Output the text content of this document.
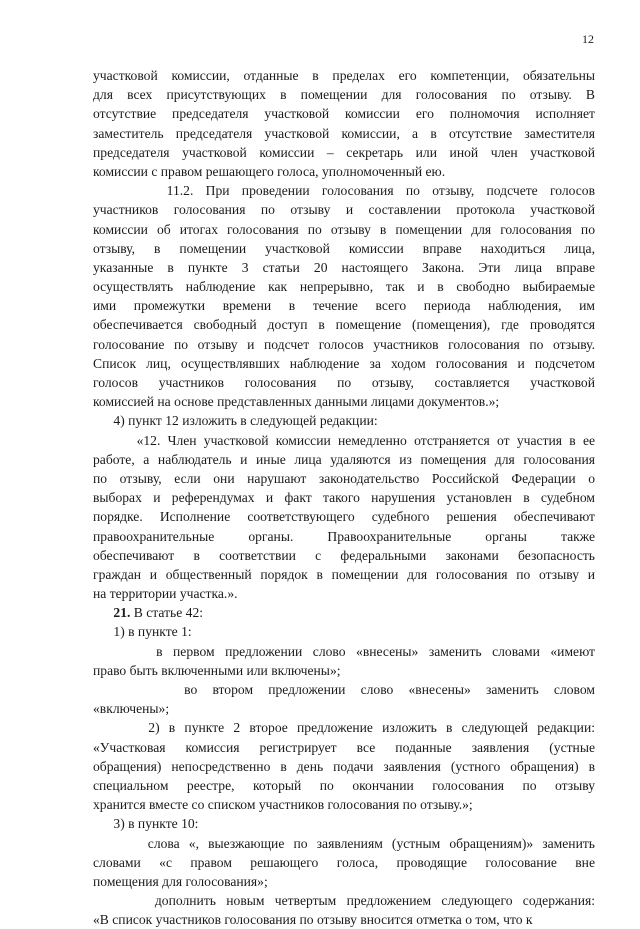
12
участковой комиссии, отданные в пределах его компетенции, обязательны
для всех присутствующих в помещении для голосования по отзыву. В
отсутствие председателя участковой комиссии его полномочия исполняет
заместитель председателя участковой комиссии, а в отсутствие заместителя
председателя участковой комиссии – секретарь или иной член участковой
комиссии с правом решающего голоса, уполномоченный ею.
11.2. При проведении голосования по отзыву, подсчете голосов
участников голосования по отзыву и составлении протокола участковой
комиссии об итогах голосования по отзыву в помещении для голосования по
отзыву, в помещении участковой комиссии вправе находиться лица,
указанные в пункте 3 статьи 20 настоящего Закона. Эти лица вправе
осуществлять наблюдение как непрерывно, так и в свободно выбираемые
ими промежутки времени в течение всего периода наблюдения, им
обеспечивается свободный доступ в помещение (помещения), где проводятся
голосование по отзыву и подсчет голосов участников голосования по отзыву.
Список лиц, осуществлявших наблюдение за ходом голосования и подсчетом
голосов участников голосования по отзыву, составляется участковой
комиссией на основе представленных данными лицами документов.»;
4) пункт 12 изложить в следующей редакции:
«12. Член участковой комиссии немедленно отстраняется от участия в ее
работе, а наблюдатель и иные лица удаляются из помещения для голосования
по отзыву, если они нарушают законодательство Российской Федерации о
выборах и референдумах и факт такого нарушения установлен в судебном
порядке. Исполнение соответствующего судебного решения обеспечивают
правоохранительные органы. Правоохранительные органы также
обеспечивают в соответствии с федеральными законами безопасность
граждан и общественный порядок в помещении для голосования по отзыву и
на территории участка.».
21. В статье 42:
1) в пункте 1:
в первом предложении слово «внесены» заменить словами «имеют
право быть включенными или включены»;
во втором предложении слово «внесены» заменить словом
«включены»;
2) в пункте 2 второе предложение изложить в следующей редакции:
«Участковая комиссия регистрирует все поданные заявления (устные
обращения) непосредственно в день подачи заявления (устного обращения) в
специальном реестре, который по окончании голосования по отзыву
хранится вместе со списком участников голосования по отзыву.»;
3) в пункте 10:
слова «, выезжающие по заявлениям (устным обращениям)» заменить
словами «с правом решающего голоса, проводящие голосование вне
помещения для голосования»;
дополнить новым четвертым предложением следующего содержания:
«В список участников голосования по отзыву вносится отметка о том, что к
